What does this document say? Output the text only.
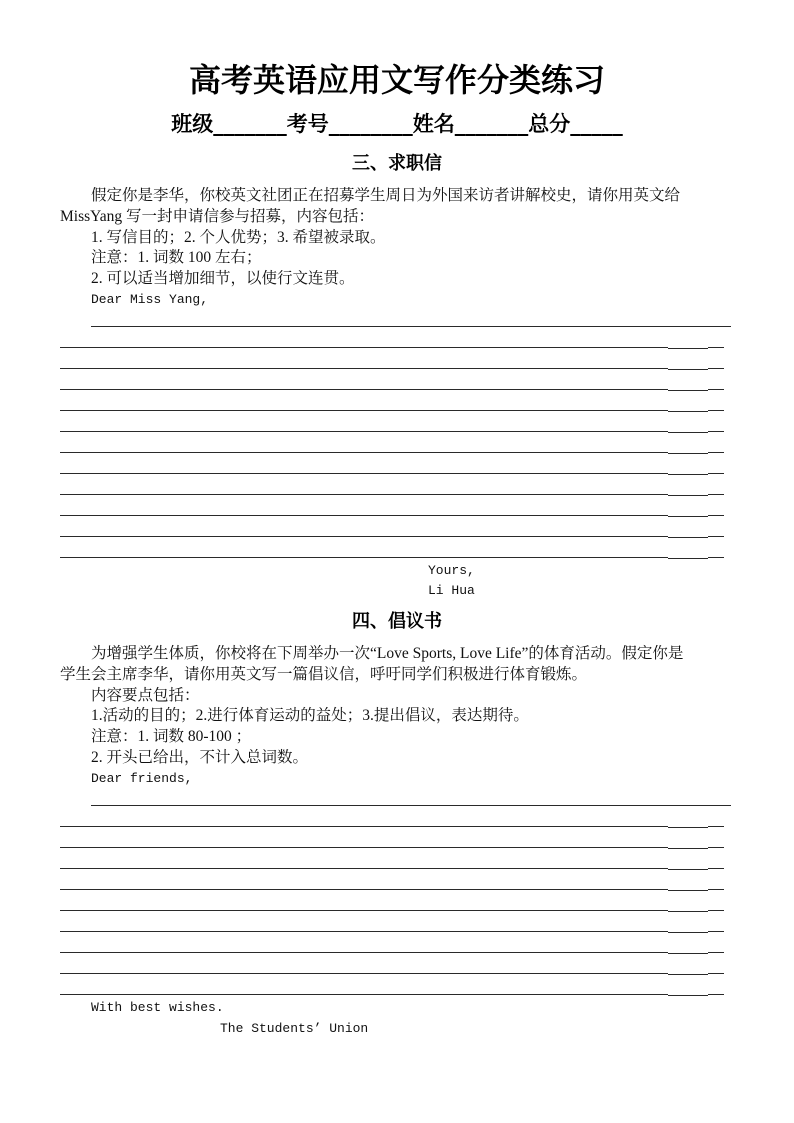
高考英语应用文写作分类练习
班级_______考号________姓名_______总分_____
三、求职信
假定你是李华，你校英文社团正在招募学生周日为外国来访者讲解校史，请你用英文给
MissYang 写一封申请信参与招募，内容包括：
1. 写信目的；2. 个人优势；3. 希望被录取。
注意：1. 词数 100 左右；
2. 可以适当增加细节，以使行文连贯。
Dear Miss Yang,
Yours,
Li Hua
四、倡议书
为增强学生体质，你校将在下周举办一次“Love Sports, Love Life”的体育活动。假定你是
学生会主席李华，请你用英文写一篇倡议信，呼吁同学们积极进行体育锻炼。
内容要点包括：
1.活动的目的；2.进行体育运动的益处；3.提出倡议，表达期待。
注意：1. 词数 80-100 ；
2. 开头已给出，不计入总词数。
Dear friends,
With best wishes.
The Students’ Union
